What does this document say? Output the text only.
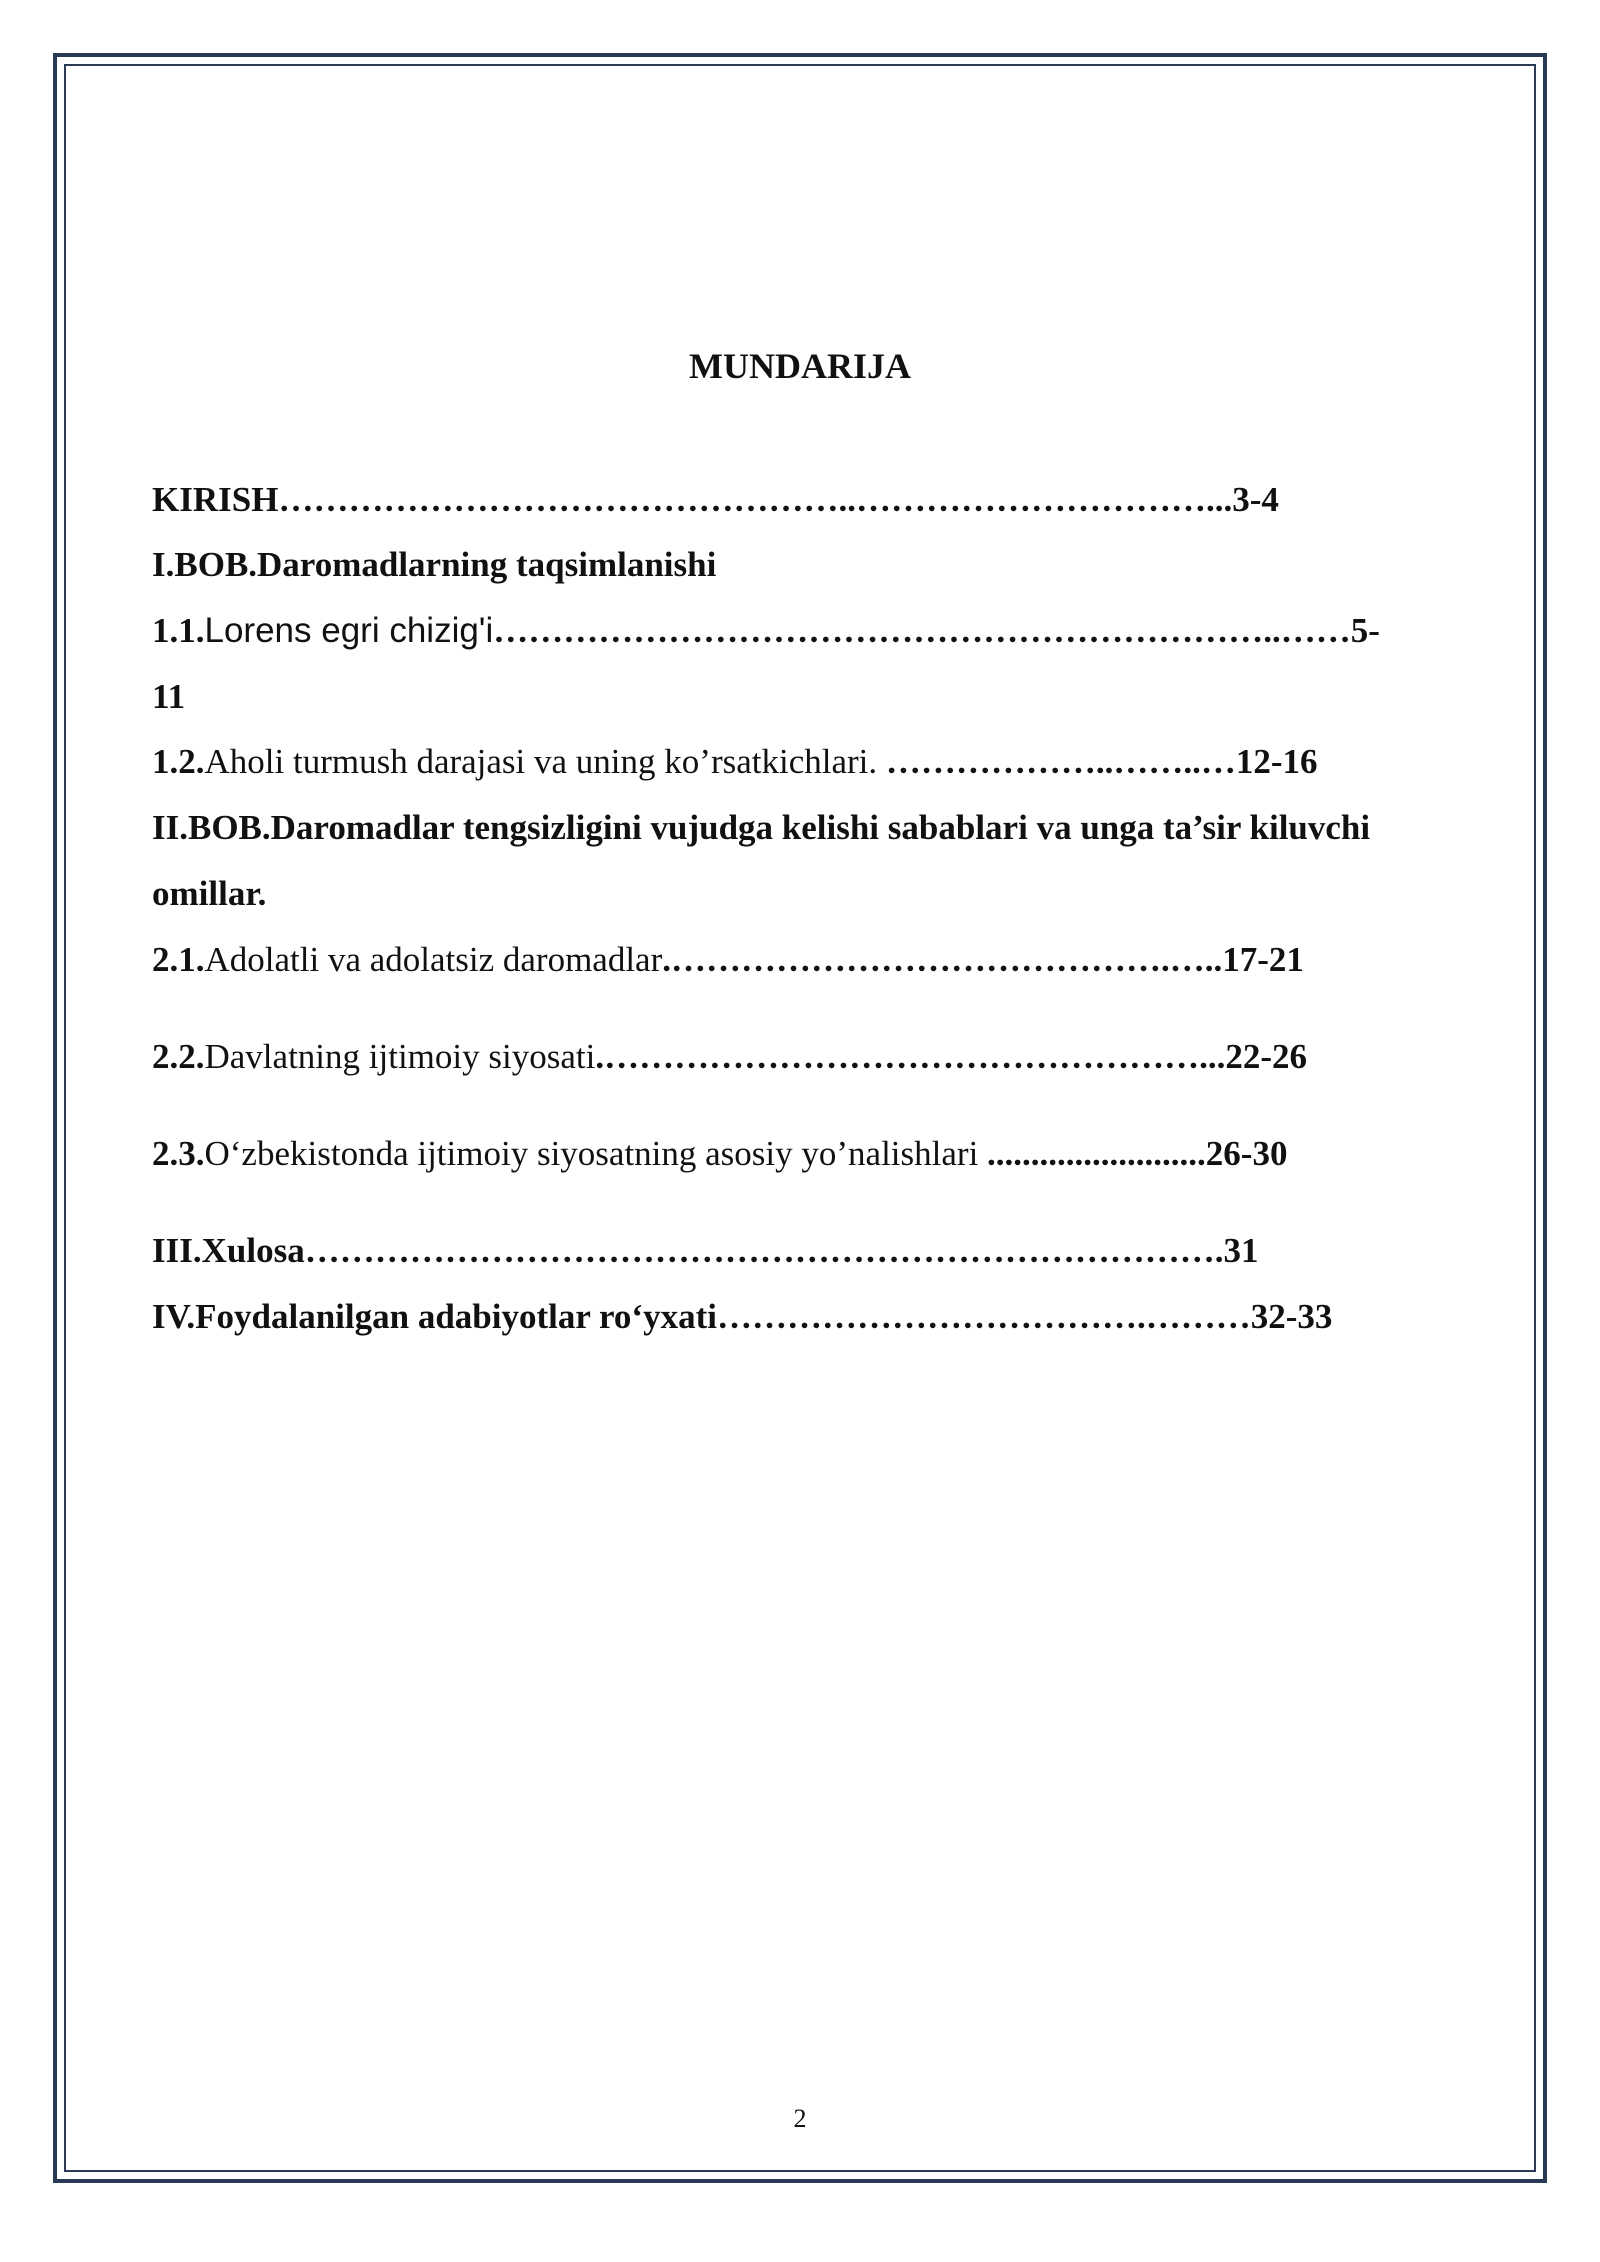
MUNDARIJA
KIRISH…………………………………………..…………………………...3-4
I.BOB.Daromadlarning taqsimlanishi
1.1.Lorens egri chizig'i…………………………………………………………..……5-
11
1.2.Aholi turmush darajasi va uning ko’rsatkichlari. ………………..……..…12-16
II.BOB.Daromadlar tengsizligini vujudga kelishi sabablari va unga ta’sir kiluvchi
omillar.
2.1.Adolatli va adolatsiz daromadlar.…………………………………….…..17-21
2.2.Davlatning ijtimoiy siyosati.……………………………………………...22-26
2.3.O‘zbekistonda ijtimoiy siyosatning asosiy yo’nalishlari .........................26-30
III.Xulosa…………………………………………………………………….31
IV.Foydalanilgan adabiyotlar ro‘yxati……………………………….………32-33
2
